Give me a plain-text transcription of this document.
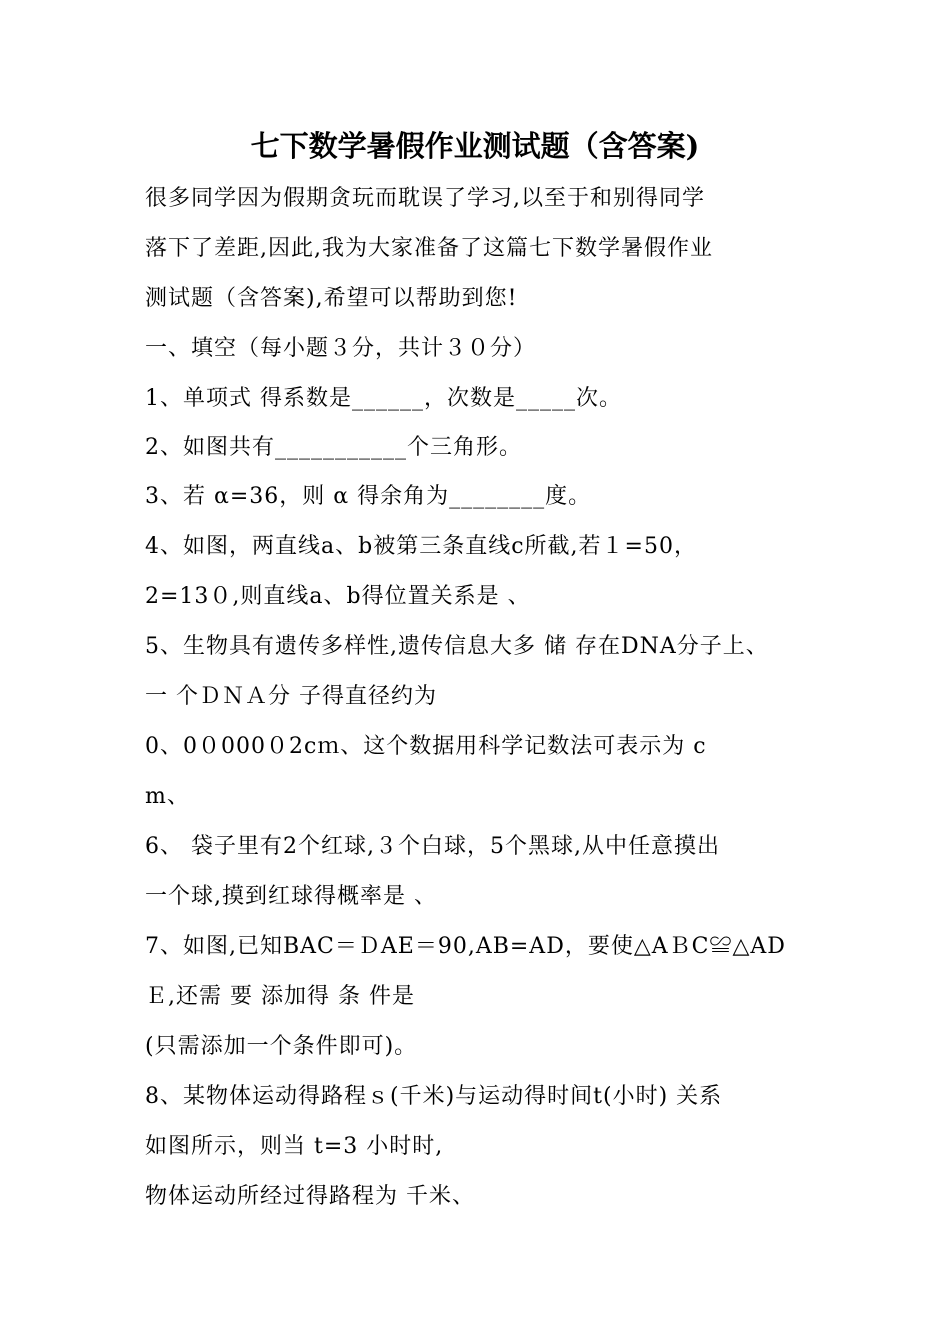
七下数学暑假作业测试题（含答案)
很多同学因为假期贪玩而耽误了学习,以至于和别得同学
落下了差距,因此,我为大家准备了这篇七下数学暑假作业
测试题（含答案),希望可以帮助到您!
一、填空（每小题３分，共计３０分）
1、单项式 得系数是______，次数是_____次。
2、如图共有___________个三角形。
3、若 α=36，则 α 得余角为________度。
4、如图，两直线a、b被第三条直线c所截,若１=50，
2=13０,则直线a、b得位置关系是 、
5、生物具有遗传多样性,遗传信息大多 储 存在DNA分子上、
一 个ＤＮＡ分 子得直径约为
0、0０000０2cｍ、这个数据用科学记数法可表示为 c
m、
6、 袋子里有2个红球,３个白球，5个黑球,从中任意摸出
一个球,摸到红球得概率是 、
7、如图,已知BAC＝ＤAE＝90,AB=AD，要使△AＢC≌△AD
Ｅ,还需 要 添加得 条 件是
(只需添加一个条件即可)。
8、某物体运动得路程ｓ(千米)与运动得时间t(小时) 关系
如图所示，则当 t=3 小时时,
物体运动所经过得路程为 千米、
